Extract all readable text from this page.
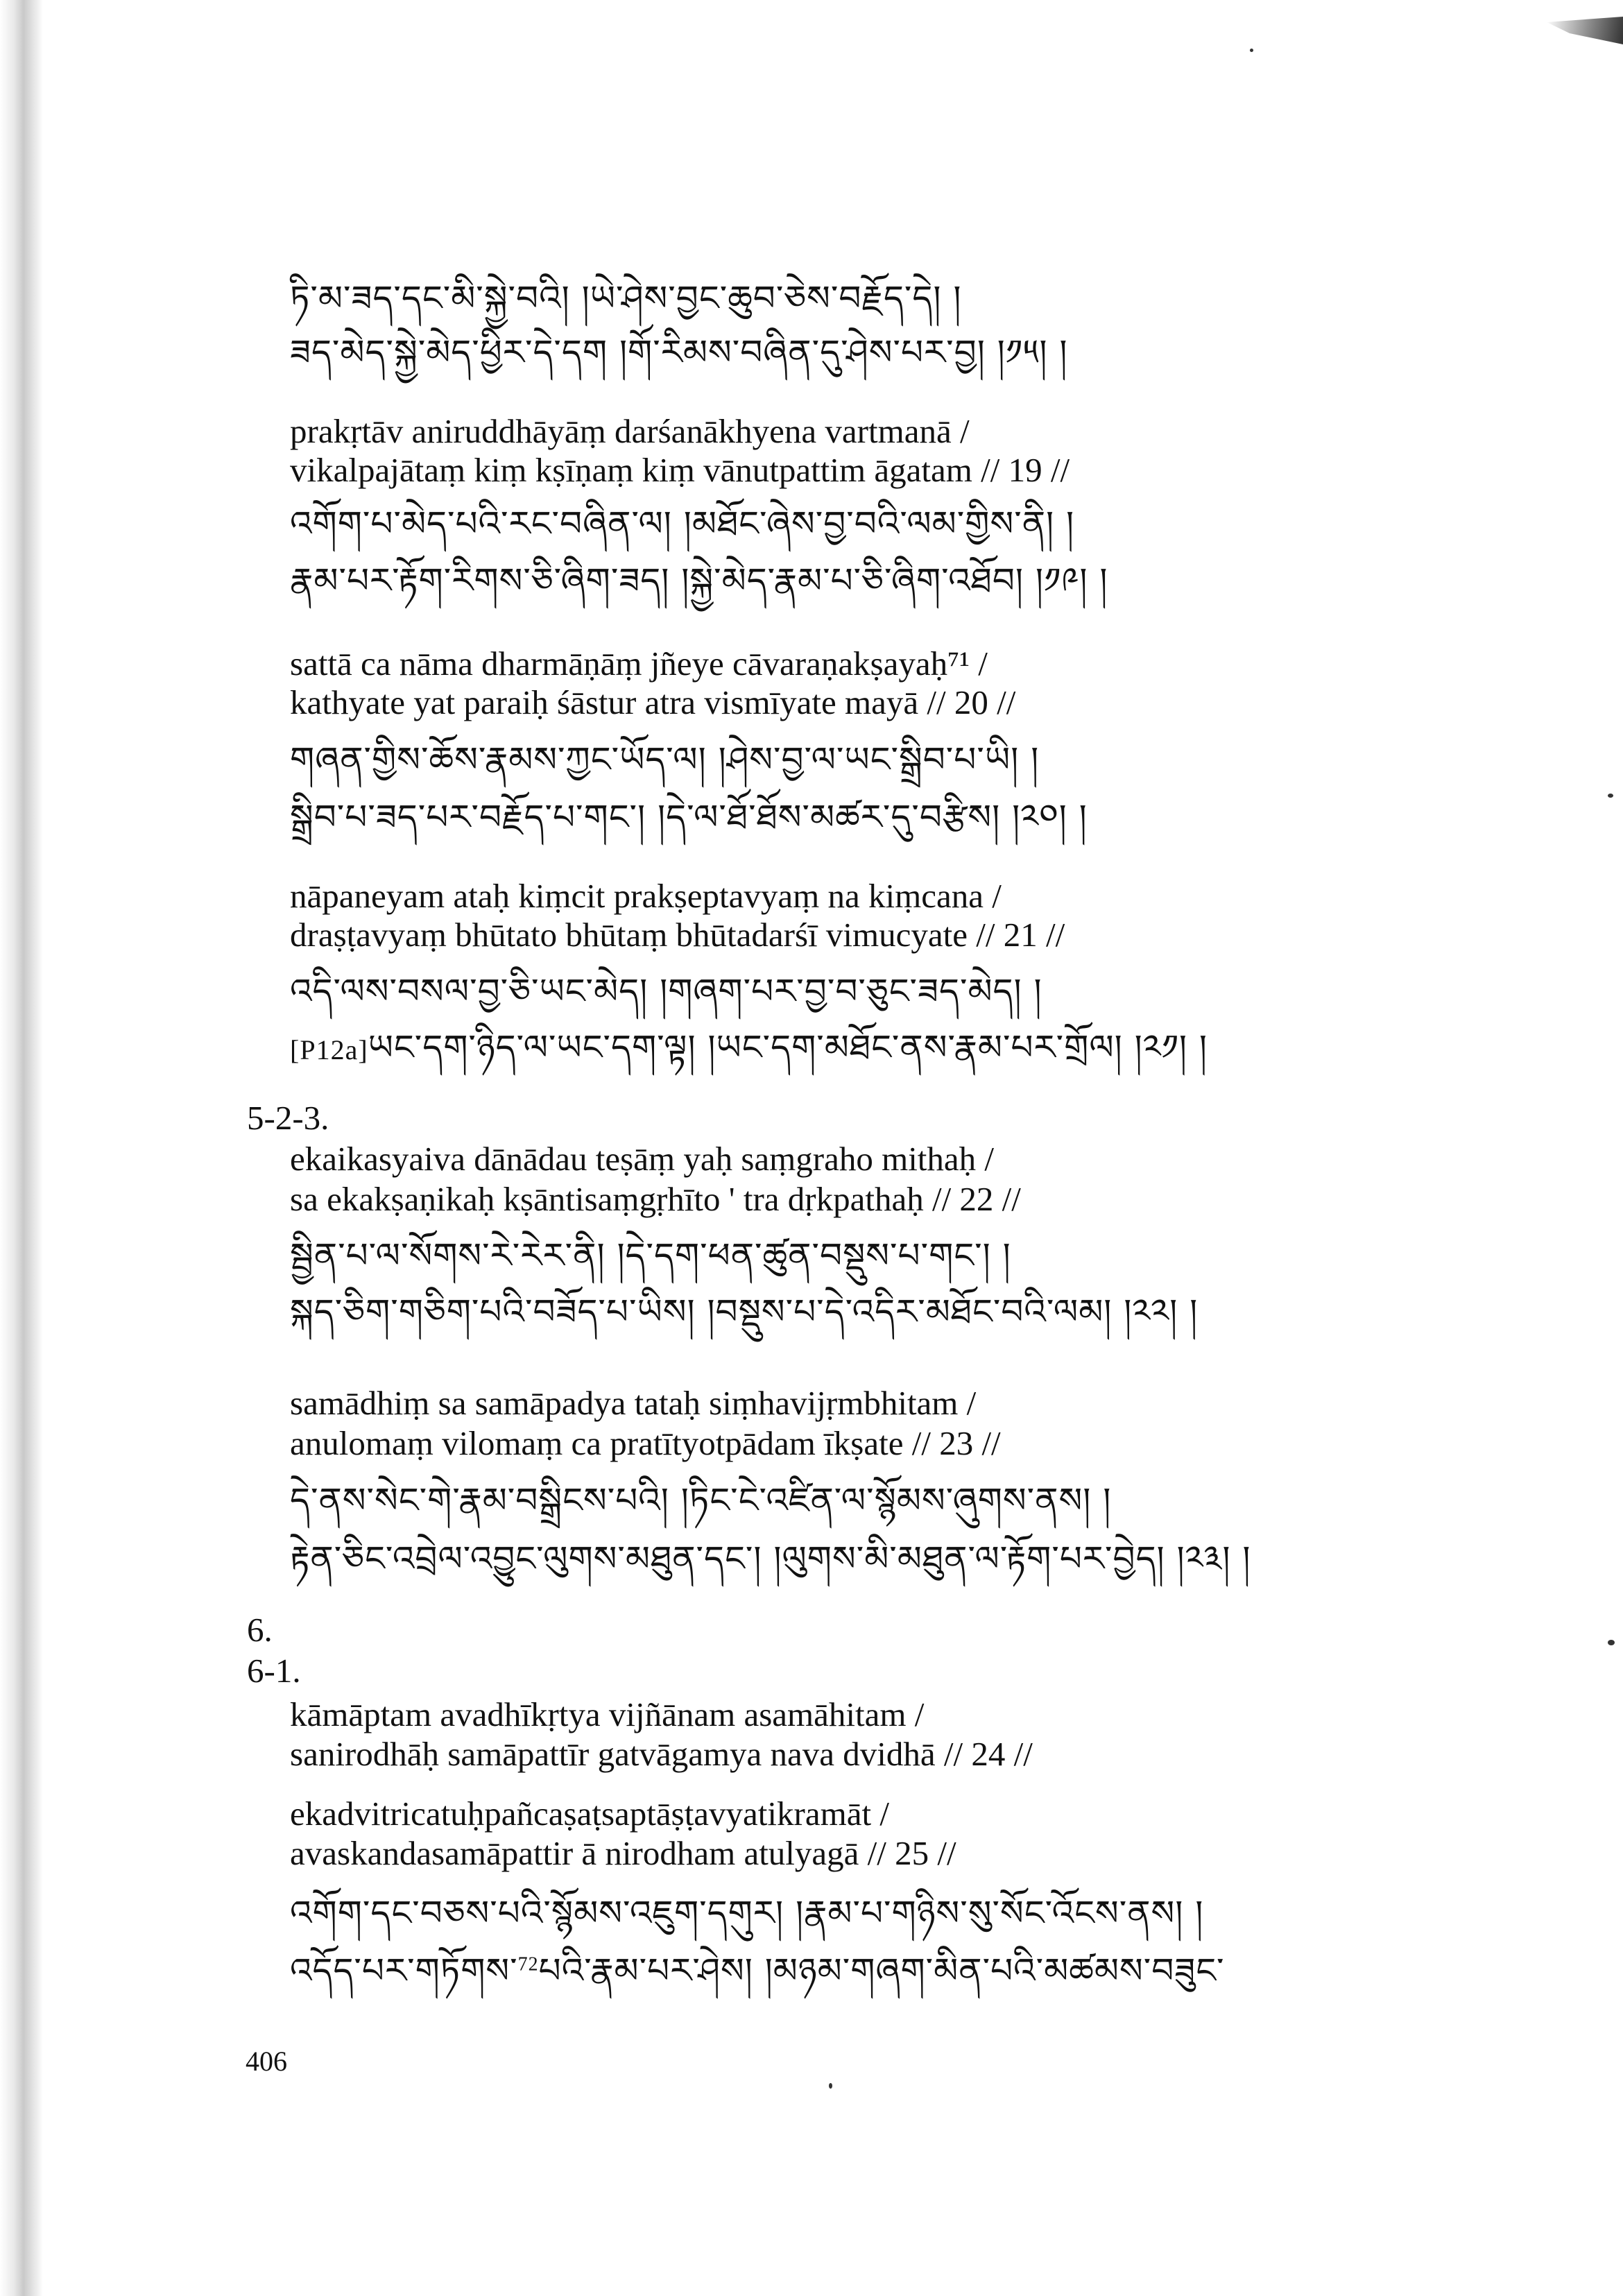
ཏི་མ་ཟད་དང་མི་སྐྱེ་བའི། །ཡེ་ཤེས་བྱང་ཆུབ་ཅེས་བརྗོད་དེ། །
ཟད་མེད་སྐྱེ་མེད་ཕྱིར་དེ་དག །གོ་རིམས་བཞིན་དུ་ཤེས་པར་བྱ། །༡༥། །
prakṛtāv aniruddhāyāṃ darśanākhyena vartmanā /
vikalpajātaṃ kiṃ kṣīṇaṃ kiṃ vānutpattim āgatam // 19 //
འགོག་པ་མེད་པའི་རང་བཞིན་ལ། །མཐོང་ཞེས་བྱ་བའི་ལམ་གྱིས་ནི། །
རྣམ་པར་རྟོག་རིགས་ཅི་ཞིག་ཟད། །སྐྱེ་མེད་རྣམ་པ་ཅི་ཞིག་འཐོབ། །༡༩། །
sattā ca nāma dharmāṇāṃ jñeye cāvaraṇakṣayaḥ⁷¹ /
kathyate yat paraiḥ śāstur atra vismīyate mayā // 20 //
གཞན་གྱིས་ཆོས་རྣམས་ཀྱང་ཡོད་ལ། །ཤེས་བྱ་ལ་ཡང་སྒྲིབ་པ་ཡི། །
སྒྲིབ་པ་ཟད་པར་བརྗོད་པ་གང་། །དེ་ལ་ཐོ་ཐོས་མཚར་དུ་བརྩིས། །༢༠། །
nāpaneyam ataḥ kiṃcit prakṣeptavyaṃ na kiṃcana /
draṣṭavyaṃ bhūtato bhūtaṃ bhūtadarśī vimucyate // 21 //
འདི་ལས་བསལ་བྱ་ཅི་ཡང་མེད། །གཞག་པར་བྱ་བ་ཅུང་ཟད་མེད། །
[P12a]ཡང་དག་ཉིད་ལ་ཡང་དག་ལྟ། །ཡང་དག་མཐོང་ནས་རྣམ་པར་གྲོལ། །༢༡། །
5-2-3.
ekaikasyaiva dānādau teṣāṃ yaḥ saṃgraho mithaḥ /
sa ekakṣaṇikaḥ kṣāntisaṃgṛhīto ' tra dṛkpathaḥ // 22 //
སྦྱིན་པ་ལ་སོགས་རེ་རེར་ནི། །དེ་དག་ཕན་ཚུན་བསྡུས་པ་གང་། །
སྐད་ཅིག་གཅིག་པའི་བཟོད་པ་ཡིས། །བསྡུས་པ་དེ་འདིར་མཐོང་བའི་ལམ། །༢༢། །
samādhiṃ sa samāpadya tataḥ siṃhavijṛmbhitam /
anulomaṃ vilomaṃ ca pratītyotpādam īkṣate // 23 //
དེ་ནས་སེང་གེ་རྣམ་བསྒྲིངས་པའི། །ཏིང་ངེ་འཛིན་ལ་སྙོམས་ཞུགས་ནས། །
རྟེན་ཅིང་འབྲེལ་འབྱུང་ལུགས་མཐུན་དང་། །ལུགས་མི་མཐུན་ལ་རྟོག་པར་བྱེད། །༢༣། །
6.
6-1.
kāmāptam avadhīkṛtya vijñānam asamāhitam /
sanirodhāḥ samāpattīr gatvāgamya nava dvidhā // 24 //
ekadvitricatuḥpañcaṣaṭsaptāṣṭavyatikramāt /
avaskandasamāpattir ā nirodham atulyagā // 25 //
འགོག་དང་བཅས་པའི་སྙོམས་འཇུག་དགུར། །རྣམ་པ་གཉིས་སུ་སོང་འོངས་ནས། །
འདོད་པར་གཏོགས་$^{72}$པའི་རྣམ་པར་ཤེས། །མཉམ་གཞག་མིན་པའི་མཚམས་བཟུང་
406
